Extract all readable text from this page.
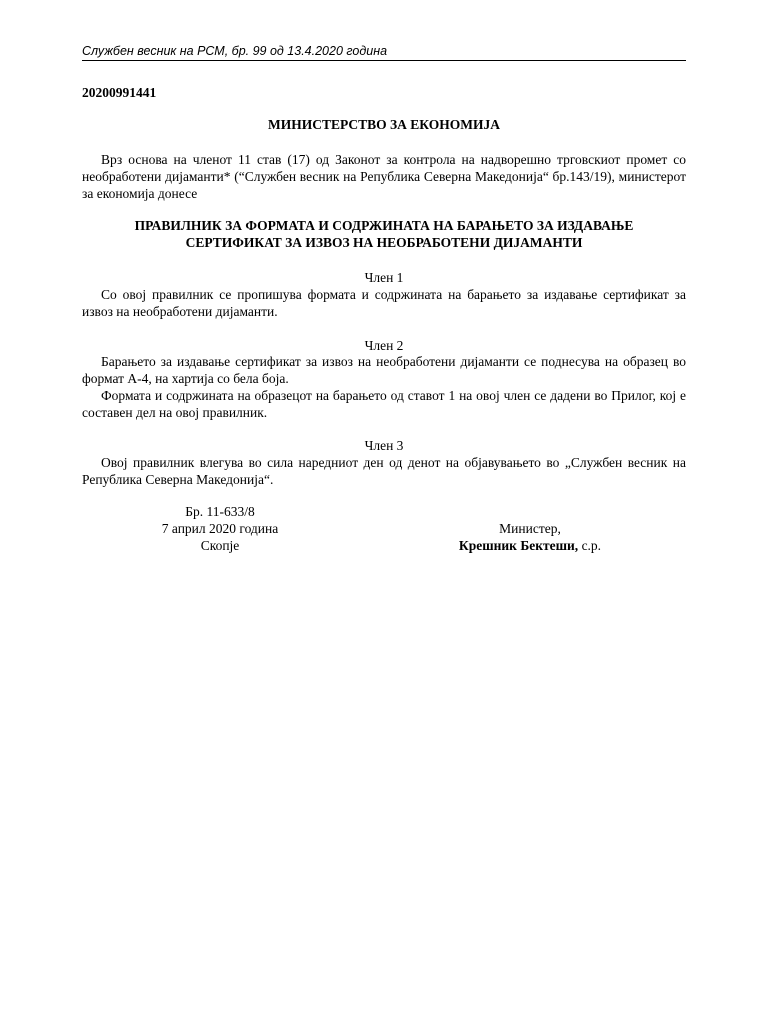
Службен весник на РСМ, бр. 99 од 13.4.2020 година
20200991441
МИНИСТЕРСТВО ЗА ЕКОНОМИЈА

Врз основа на членот 11 став (17) од Законот за контрола на надворешно трговскиот промет со необработени дијаманти* (“Службен весник на Република Северна Македонија“ бр.143/19), министерот за економија донесе

ПРАВИЛНИК ЗА ФОРМАТА И СОДРЖИНАТА НА БАРАЊЕТО ЗА ИЗДАВАЊЕ
СЕРТИФИКАТ ЗА ИЗВОЗ НА НЕОБРАБОТЕНИ ДИЈАМАНТИ
Член 1

Со овој правилник се пропишува формата и содржината на барањето за издавање сертификат за извоз на необработени дијаманти.

Член 2

Барањето за издавање сертификат за извоз на необработени дијаманти се поднесува на образец во формат А-4, на хартија со бела боја.

Формата и содржината на образецот на барањето од ставот 1 на овој член се дадени во Прилог, кој е составен дел на овој правилник.

Член 3

Овој правилник влегува во сила наредниот ден од денот на објавувањето во „Службен весник на Република Северна Македонија“.

Бр. 11-633/8
7 април 2020 година
Скопје
Министер,
Крешник Бектеши, с.р.
